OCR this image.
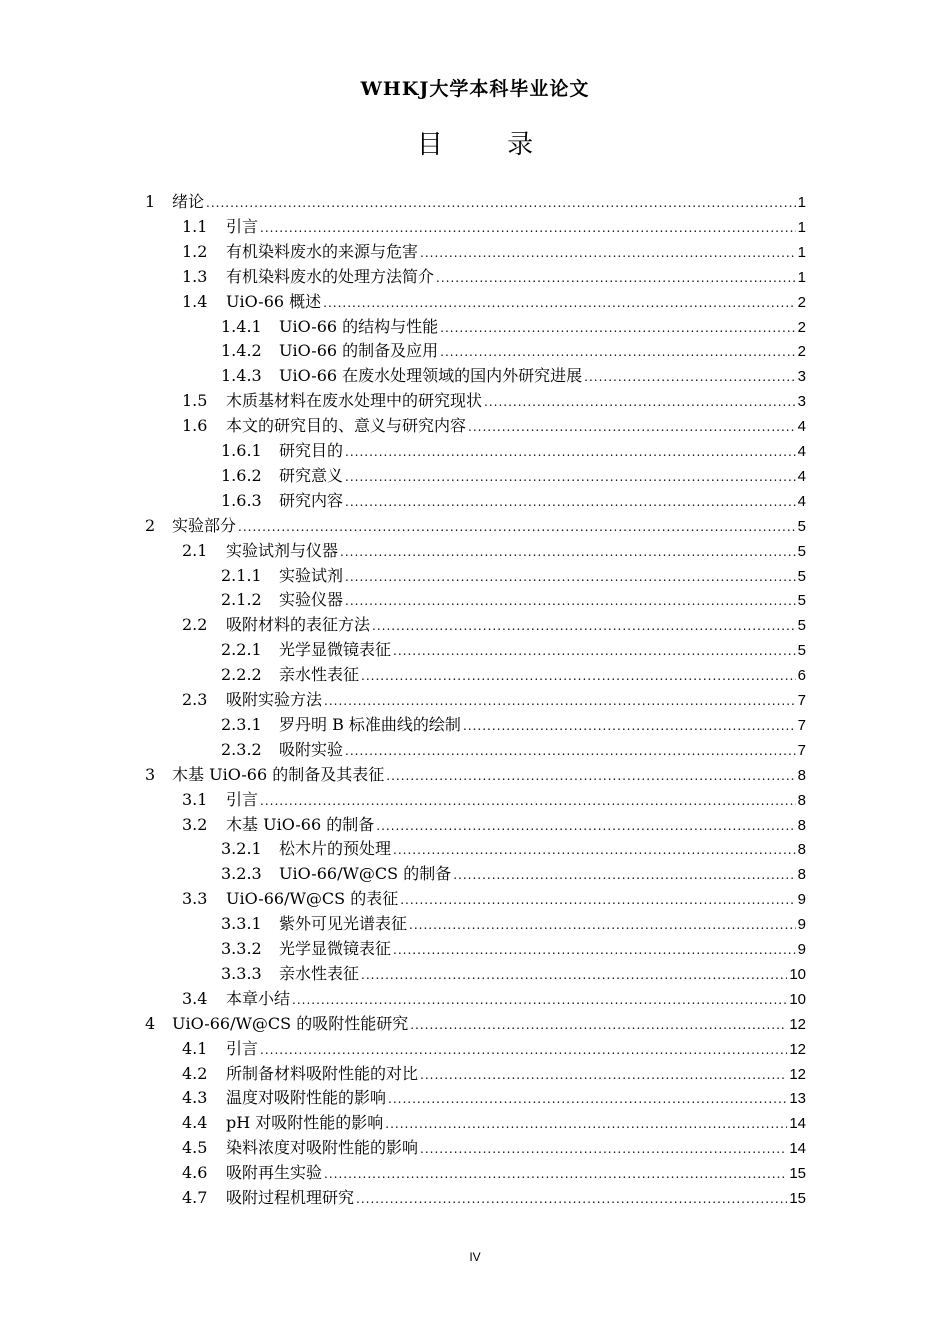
WHKJ大学本科毕业论文
目 录
1	绪论 .....	1
1.1	引言 .....	1
1.2	有机染料废水的来源与危害 .....	1
1.3	有机染料废水的处理方法简介 .....	1
1.4	UiO-66 概述 .....	2
1.4.1	UiO-66 的结构与性能 .....	2
1.4.2	UiO-66 的制备及应用 .....	2
1.4.3	UiO-66 在废水处理领域的国内外研究进展 .....	3
1.5	木质基材料在废水处理中的研究现状 .....	3
1.6	本文的研究目的、意义与研究内容 .....	4
1.6.1	研究目的 .....	4
1.6.2	研究意义 .....	4
1.6.3	研究内容 .....	4
2	实验部分 .....	5
2.1	实验试剂与仪器 .....	5
2.1.1	实验试剂 .....	5
2.1.2	实验仪器 .....	5
2.2	吸附材料的表征方法 .....	5
2.2.1	光学显微镜表征 .....	5
2.2.2	亲水性表征 .....	6
2.3	吸附实验方法 .....	7
2.3.1	罗丹明 B 标准曲线的绘制 .....	7
2.3.2	吸附实验 .....	7
3	木基 UiO-66 的制备及其表征 .....	8
3.1	引言 .....	8
3.2	木基 UiO-66 的制备 .....	8
3.2.1	松木片的预处理 .....	8
3.2.3	UiO-66/W@CS 的制备 .....	8
3.3	UiO-66/W@CS 的表征 .....	9
3.3.1	紫外可见光谱表征 .....	9
3.3.2	光学显微镜表征 .....	9
3.3.3	亲水性表征 .....	10
3.4	本章小结 .....	10
4	UiO-66/W@CS 的吸附性能研究 .....	12
4.1	引言 .....	12
4.2	所制备材料吸附性能的对比 .....	12
4.3	温度对吸附性能的影响 .....	13
4.4	pH 对吸附性能的影响 .....	14
4.5	染料浓度对吸附性能的影响 .....	14
4.6	吸附再生实验 .....	15
4.7	吸附过程机理研究 .....	15
IV
